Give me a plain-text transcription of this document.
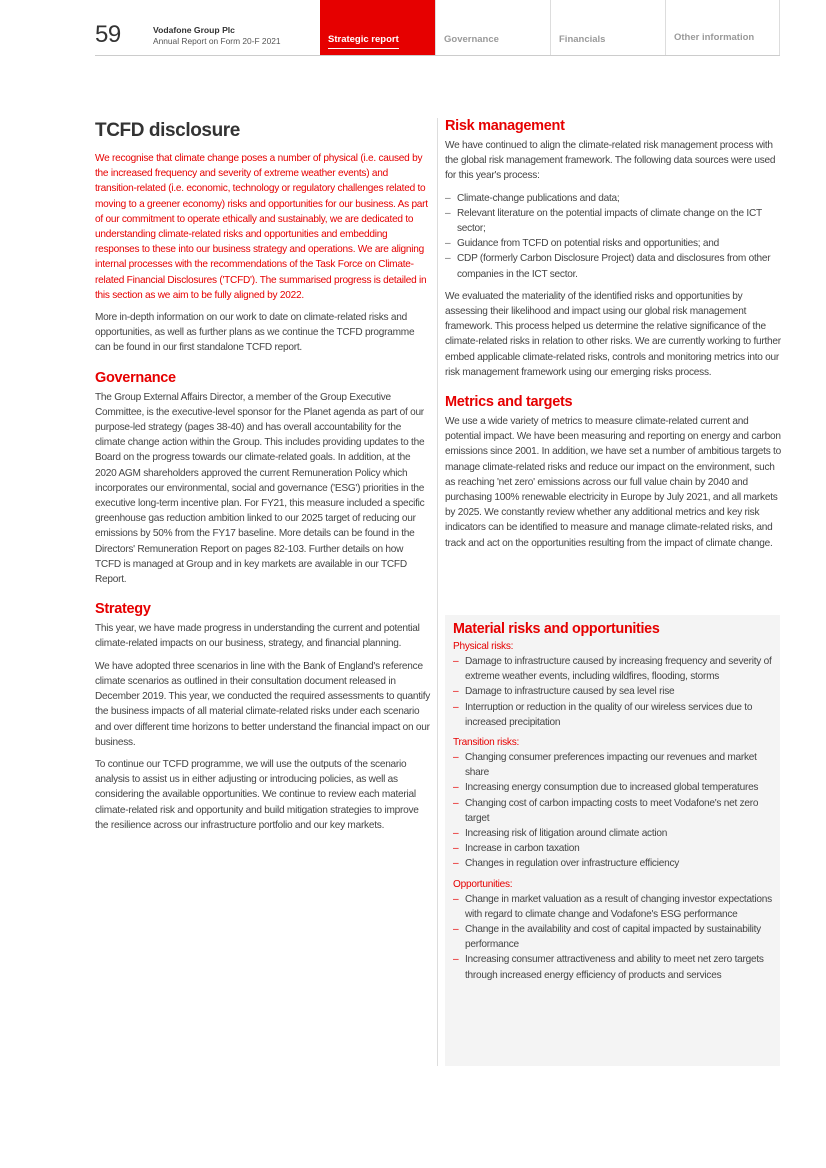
59	Vodafone Group Plc
Annual Report on Form 20-F 2021	Strategic report	Governance	Financials	Other information
TCFD disclosure

We recognise that climate change poses a number of physical (i.e. caused by the increased frequency and severity of extreme weather events) and transition-related (i.e. economic, technology or regulatory challenges related to moving to a greener economy) risks and opportunities for our business. As part of our commitment to operate ethically and sustainably, we are dedicated to understanding climate-related risks and opportunities and embedding responses to these into our business strategy and operations. We are aligning internal processes with the recommendations of the Task Force on Climate-related Financial Disclosures ('TCFD'). The summarised progress is detailed in this section as we aim to be fully aligned by 2022.

More in-depth information on our work to date on climate-related risks and opportunities, as well as further plans as we continue the TCFD programme can be found in our first standalone TCFD report.

Governance

The Group External Affairs Director, a member of the Group Executive Committee, is the executive-level sponsor for the Planet agenda as part of our purpose-led strategy (pages 38-40) and has overall accountability for the climate change action within the Group. This includes providing updates to the Board on the progress towards our climate-related goals. In addition, at the 2020 AGM shareholders approved the current Remuneration Policy which incorporates our environmental, social and governance ('ESG') priorities in the executive long-term incentive plan. For FY21, this measure included a specific greenhouse gas reduction ambition linked to our 2025 target of reducing our emissions by 50% from the FY17 baseline. More details can be found in the Directors' Remuneration Report on pages 82-103. Further details on how TCFD is managed at Group and in key markets are available in our TCFD Report.

Strategy

This year, we have made progress in understanding the current and potential climate-related impacts on our business, strategy, and financial planning.

We have adopted three scenarios in line with the Bank of England's reference climate scenarios as outlined in their consultation document released in December 2019. This year, we conducted the required assessments to quantify the business impacts of all material climate-related risks under each scenario and over different time horizons to better understand the financial impact on our business.

To continue our TCFD programme, we will use the outputs of the scenario analysis to assist us in either adjusting or introducing policies, as well as considering the available opportunities. We continue to review each material climate-related risk and opportunity and build mitigation strategies to improve the resilience across our infrastructure portfolio and our key markets.

Risk management

We have continued to align the climate-related risk management process with the global risk management framework. The following data sources were used for this year's process:

– Climate-change publications and data;
– Relevant literature on the potential impacts of climate change on the ICT sector;
– Guidance from TCFD on potential risks and opportunities; and
– CDP (formerly Carbon Disclosure Project) data and disclosures from other companies in the ICT sector.

We evaluated the materiality of the identified risks and opportunities by assessing their likelihood and impact using our global risk management framework. This process helped us determine the relative significance of the climate-related risks in relation to other risks. We are currently working to further embed applicable climate-related risks, controls and monitoring metrics into our risk management framework using our emerging risks process.

Metrics and targets

We use a wide variety of metrics to measure climate-related current and potential impact. We have been measuring and reporting on energy and carbon emissions since 2001. In addition, we have set a number of ambitious targets to manage climate-related risks and reduce our impact on the environment, such as reaching 'net zero' emissions across our full value chain by 2040 and purchasing 100% renewable electricity in Europe by July 2021, and all markets by 2025. We constantly review whether any additional metrics and key risk indicators can be identified to measure and manage climate-related risks, and track and act on the opportunities resulting from the impact of climate change.

Material risks and opportunities
Physical risks:
– Damage to infrastructure caused by increasing frequency and severity of extreme weather events, including wildfires, flooding, storms
– Damage to infrastructure caused by sea level rise
– Interruption or reduction in the quality of our wireless services due to increased precipitation
Transition risks:
– Changing consumer preferences impacting our revenues and market share
– Increasing energy consumption due to increased global temperatures
– Changing cost of carbon impacting costs to meet Vodafone's net zero target
– Increasing risk of litigation around climate action
– Increase in carbon taxation
– Changes in regulation over infrastructure efficiency
Opportunities:
– Change in market valuation as a result of changing investor expectations with regard to climate change and Vodafone's ESG performance
– Change in the availability and cost of capital impacted by sustainability performance
– Increasing consumer attractiveness and ability to meet net zero targets through increased energy efficiency of products and services
